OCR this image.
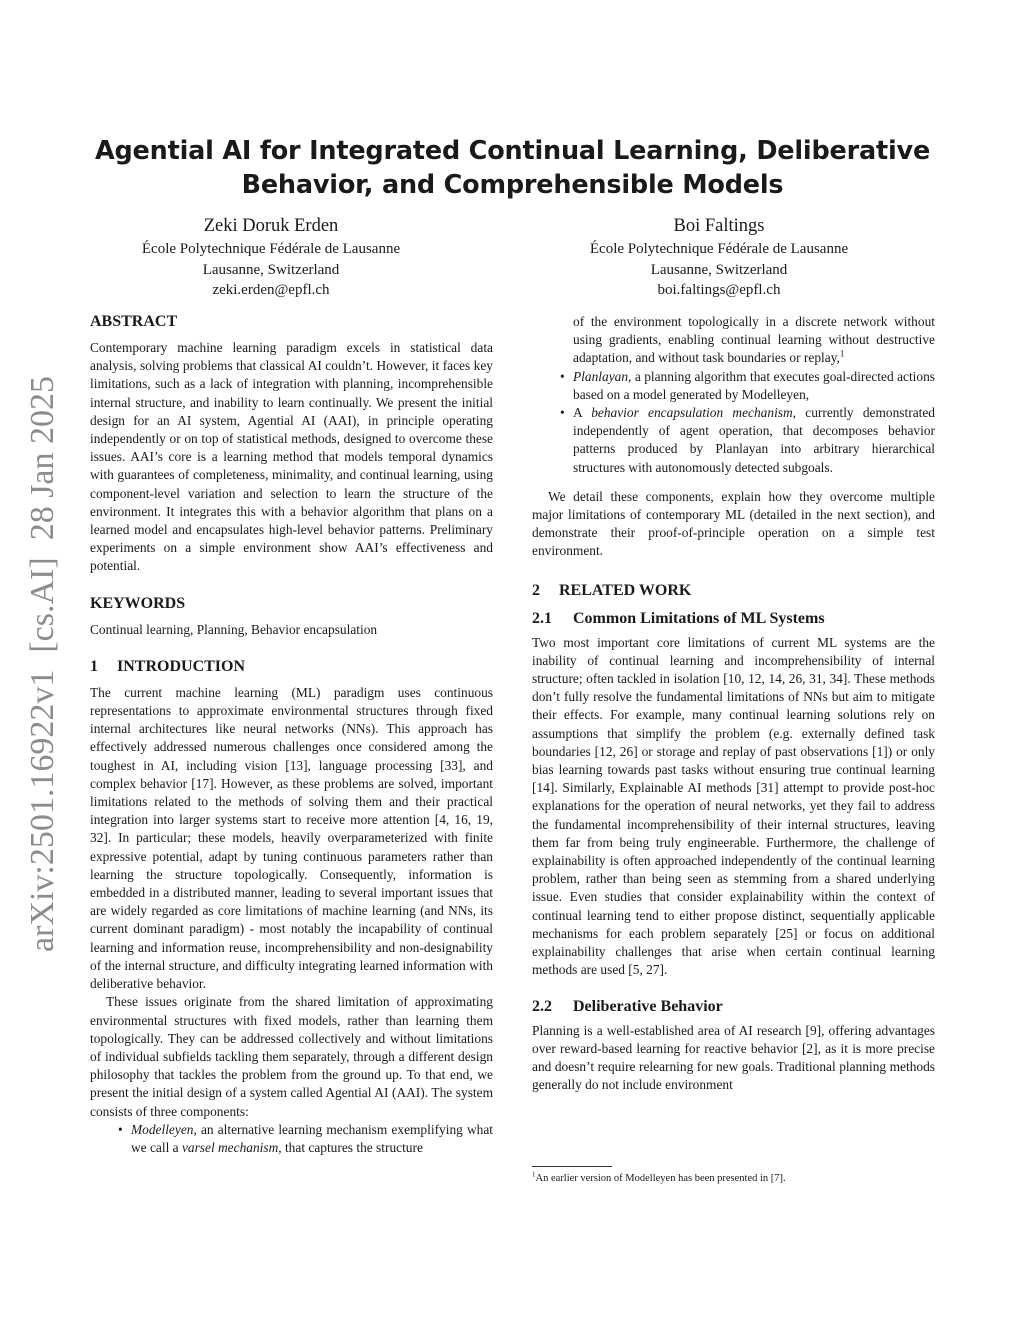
arXiv:2501.16922v1  [cs.AI]  28 Jan 2025
Agential AI for Integrated Continual Learning, Deliberative
Behavior, and Comprehensible Models
Zeki Doruk Erden
École Polytechnique Fédérale de Lausanne
Lausanne, Switzerland
zeki.erden@epfl.ch
Boi Faltings
École Polytechnique Fédérale de Lausanne
Lausanne, Switzerland
boi.faltings@epfl.ch
ABSTRACT

Contemporary machine learning paradigm excels in statistical data analysis, solving problems that classical AI couldn’t. However, it faces key limitations, such as a lack of integration with planning, incomprehensible internal structure, and inability to learn continually. We present the initial design for an AI system, Agential AI (AAI), in principle operating independently or on top of statistical methods, designed to overcome these issues. AAI’s core is a learning method that models temporal dynamics with guarantees of completeness, minimality, and continual learning, using component-level variation and selection to learn the structure of the environment. It integrates this with a behavior algorithm that plans on a learned model and encapsulates high-level behavior patterns. Preliminary experiments on a simple environment show AAI’s effectiveness and potential.

KEYWORDS

Continual learning, Planning, Behavior encapsulation

1 INTRODUCTION

The current machine learning (ML) paradigm uses continuous representations to approximate environmental structures through fixed internal architectures like neural networks (NNs). This approach has effectively addressed numerous challenges once considered among the toughest in AI, including vision [13], language processing [33], and complex behavior [17]. However, as these problems are solved, important limitations related to the methods of solving them and their practical integration into larger systems start to receive more attention [4, 16, 19, 32]. In particular; these models, heavily overparameterized with finite expressive potential, adapt by tuning continuous parameters rather than learning the structure topologically. Consequently, information is embedded in a distributed manner, leading to several important issues that are widely regarded as core limitations of machine learning (and NNs, its current dominant paradigm) - most notably the incapability of continual learning and information reuse, incomprehensibility and non-designability of the internal structure, and difficulty integrating learned information with deliberative behavior.

These issues originate from the shared limitation of approximating environmental structures with fixed models, rather than learning them topologically. They can be addressed collectively and without limitations of individual subfields tackling them separately, through a different design philosophy that tackles the problem from the ground up. To that end, we present the initial design of a system called Agential AI (AAI). The system consists of three components:

• Modelleyen, an alternative learning mechanism exemplifying what we call a varsel mechanism, that captures the structure
of the environment topologically in a discrete network without using gradients, enabling continual learning without destructive adaptation, and without task boundaries or replay,$^1$
• Planlayan, a planning algorithm that executes goal-directed actions based on a model generated by Modelleyen,
• A behavior encapsulation mechanism, currently demonstrated independently of agent operation, that decomposes behavior patterns produced by Planlayan into arbitrary hierarchical structures with autonomously detected subgoals.

We detail these components, explain how they overcome multiple major limitations of contemporary ML (detailed in the next section), and demonstrate their proof-of-principle operation on a simple test environment.

2 RELATED WORK
2.1 Common Limitations of ML Systems

Two most important core limitations of current ML systems are the inability of continual learning and incomprehensibility of internal structure; often tackled in isolation [10, 12, 14, 26, 31, 34]. These methods don’t fully resolve the fundamental limitations of NNs but aim to mitigate their effects. For example, many continual learning solutions rely on assumptions that simplify the problem (e.g. externally defined task boundaries [12, 26] or storage and replay of past observations [1]) or only bias learning towards past tasks without ensuring true continual learning [14]. Similarly, Explainable AI methods [31] attempt to provide post-hoc explanations for the operation of neural networks, yet they fail to address the fundamental incomprehensibility of their internal structures, leaving them far from being truly engineerable. Furthermore, the challenge of explainability is often approached independently of the continual learning problem, rather than being seen as stemming from a shared underlying issue. Even studies that consider explainability within the context of continual learning tend to either propose distinct, sequentially applicable mechanisms for each problem separately [25] or focus on additional explainability challenges that arise when certain continual learning methods are used [5, 27].

2.2 Deliberative Behavior

Planning is a well-established area of AI research [9], offering advantages over reward-based learning for reactive behavior [2], as it is more precise and doesn’t require relearning for new goals. Traditional planning methods generally do not include environment

$^1$An earlier version of Modelleyen has been presented in [7].
